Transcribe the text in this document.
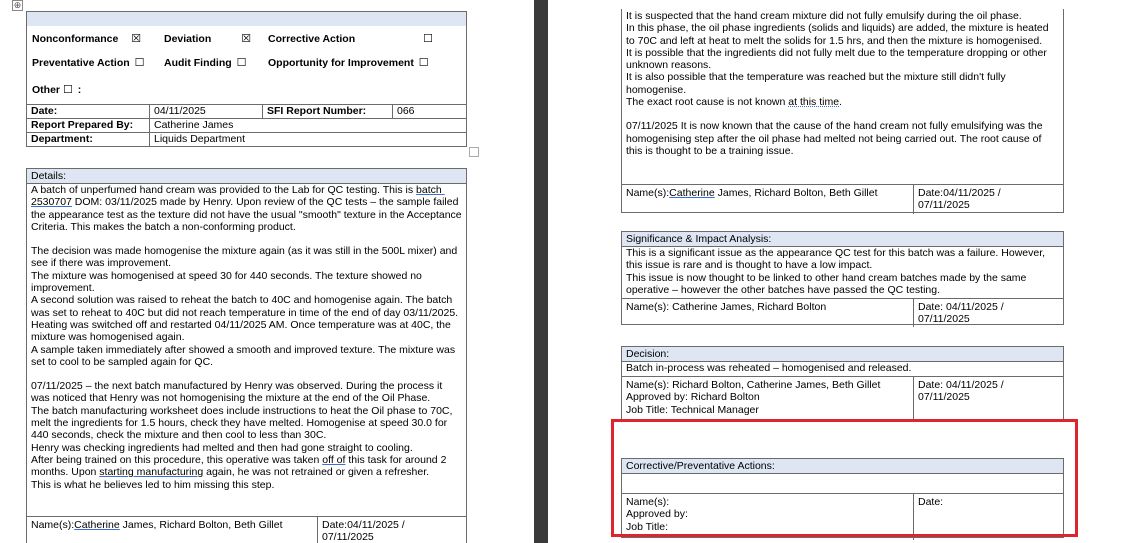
⊕
Nonconformance ☒ Deviation	☒ Corrective Action	☐
Preventative Action ☐ Audit Finding ☐ Opportunity for Improvement ☐
Other ☐ :
Date:	04/11/2025	SFI Report Number:	066
Report Prepared By:	Catherine James		
Department:	Liquids Department		
Details:

A batch of unperfumed hand cream was provided to the Lab for QC testing. This is batch 2530707 DOM: 03/11/2025 made by Henry. Upon review of the QC tests – the sample failed the appearance test as the texture did not have the usual "smooth" texture in the Acceptance Criteria. This makes the batch a non-conforming product.

The decision was made homogenise the mixture again (as it was still in the 500L mixer) and see if there was improvement.

The mixture was homogenised at speed 30 for 440 seconds. The texture showed no improvement.

A second solution was raised to reheat the batch to 40C and homogenise again. The batch was set to reheat to 40C but did not reach temperature in time of the end of day 03/11/2025. Heating was switched off and restarted 04/11/2025 AM. Once temperature was at 40C, the mixture was homogenised again.

A sample taken immediately after showed a smooth and improved texture. The mixture was set to cool to be sampled again for QC.

07/11/2025 – the next batch manufactured by Henry was observed. During the process it was noticed that Henry was not homogenising the mixture at the end of the Oil Phase.

The batch manufacturing worksheet does include instructions to heat the Oil phase to 70C, melt the ingredients for 1.5 hours, check they have melted. Homogenise at speed 30.0 for 440 seconds, check the mixture and then cool to less than 30C.

Henry was checking ingredients had melted and then had gone straight to cooling.

After being trained on this procedure, this operative was taken off of this task for around 2 months. Upon starting manufacturing again, he was not retrained or given a refresher.

This is what he believes led to him missing this step.

Name(s):Catherine James, Richard Bolton, Beth Gillet	Date:04/11/2025 /
07/11/2025

It is suspected that the hand cream mixture did not fully emulsify during the oil phase.

In this phase, the oil phase ingredients (solids and liquids) are added, the mixture is heated to 70C and left at heat to melt the solids for 1.5 hrs, and then the mixture is homogenised.

It is possible that the ingredients did not fully melt due to the temperature dropping or other unknown reasons.

It is also possible that the temperature was reached but the mixture still didn't fully homogenise.

The exact root cause is not known at this time.

07/11/2025 It is now known that the cause of the hand cream not fully emulsifying was the homogenising step after the oil phase had melted not being carried out. The root cause of this is thought to be a training issue.

Name(s):Catherine James, Richard Bolton, Beth Gillet	Date:04/11/2025 /
07/11/2025
Significance & Impact Analysis:

This is a significant issue as the appearance QC test for this batch was a failure. However, this issue is rare and is thought to have a low impact.

This issue is now thought to be linked to other hand cream batches made by the same operative – however the other batches have passed the QC testing.

Name(s): Catherine James, Richard Bolton	Date: 04/11/2025 /
07/11/2025
Decision:

Batch in-process was reheated – homogenised and released.

Name(s): Richard Bolton, Catherine James, Beth Gillet
Approved by: Richard Bolton
Job Title: Technical Manager
Date: 04/11/2025 /
07/11/2025
Corrective/Preventative Actions:
Name(s):
Approved by:
Job Title:
Date:
